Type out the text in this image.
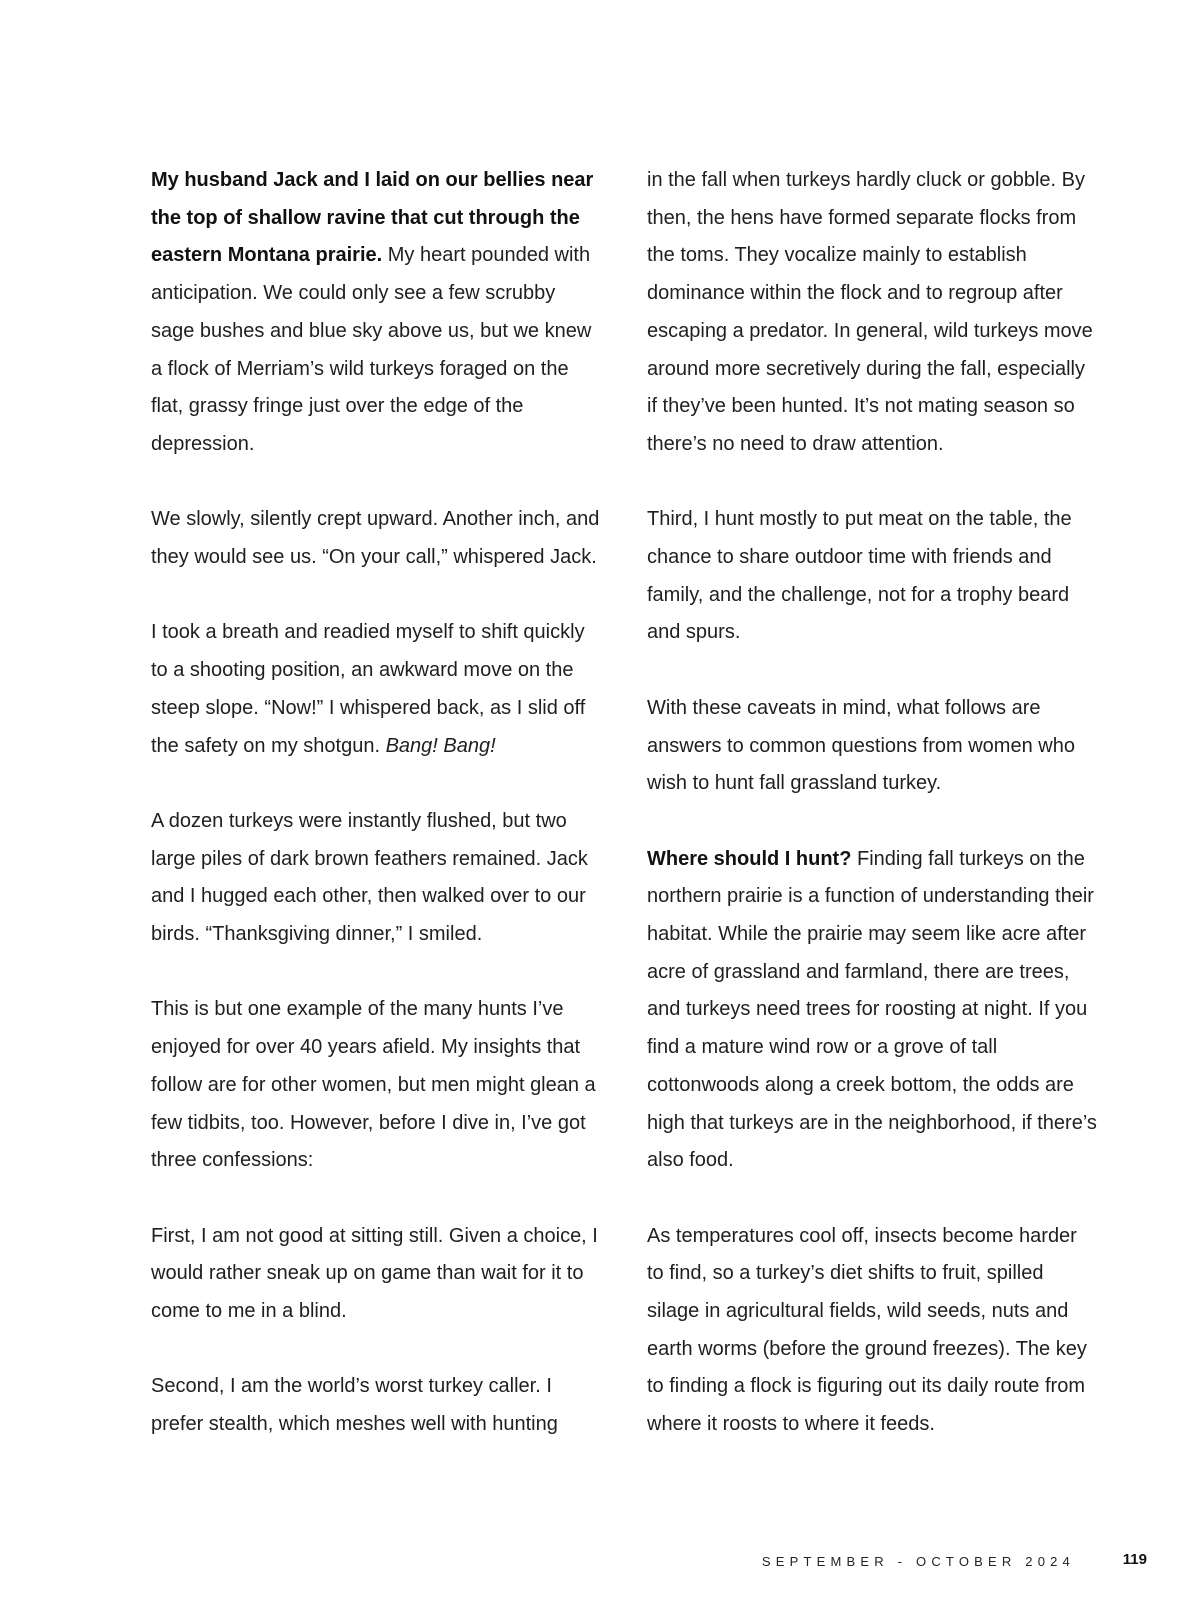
My husband Jack and I laid on our bellies near the top of shallow ravine that cut through the eastern Montana prairie. My heart pounded with anticipation. We could only see a few scrubby sage bushes and blue sky above us, but we knew a flock of Merriam’s wild turkeys foraged on the flat, grassy fringe just over the edge of the depression.

We slowly, silently crept upward. Another inch, and they would see us. “On your call,” whispered Jack.

I took a breath and readied myself to shift quickly to a shooting position, an awkward move on the steep slope. “Now!” I whispered back, as I slid off the safety on my shotgun. Bang! Bang!

A dozen turkeys were instantly flushed, but two large piles of dark brown feathers remained. Jack and I hugged each other, then walked over to our birds. “Thanksgiving dinner,” I smiled.

This is but one example of the many hunts I’ve enjoyed for over 40 years afield. My insights that follow are for other women, but men might glean a few tidbits, too. However, before I dive in, I’ve got three confessions:

First, I am not good at sitting still. Given a choice, I would rather sneak up on game than wait for it to come to me in a blind.

Second, I am the world’s worst turkey caller. I prefer stealth, which meshes well with hunting

in the fall when turkeys hardly cluck or gobble. By then, the hens have formed separate flocks from the toms. They vocalize mainly to establish dominance within the flock and to regroup after escaping a predator. In general, wild turkeys move around more secretively during the fall, especially if they’ve been hunted. It’s not mating season so there’s no need to draw attention.

Third, I hunt mostly to put meat on the table, the chance to share outdoor time with friends and family, and the challenge, not for a trophy beard and spurs.

With these caveats in mind, what follows are answers to common questions from women who wish to hunt fall grassland turkey.

Where should I hunt? Finding fall turkeys on the northern prairie is a function of understanding their habitat. While the prairie may seem like acre after acre of grassland and farmland, there are trees, and turkeys need trees for roosting at night. If you find a mature wind row or a grove of tall cottonwoods along a creek bottom, the odds are high that turkeys are in the neighborhood, if there’s also food.

As temperatures cool off, insects become harder to find, so a turkey’s diet shifts to fruit, spilled silage in agricultural fields, wild seeds, nuts and earth worms (before the ground freezes). The key to finding a flock is figuring out its daily route from where it roosts to where it feeds.

SEPTEMBER - OCTOBER 2024	119
